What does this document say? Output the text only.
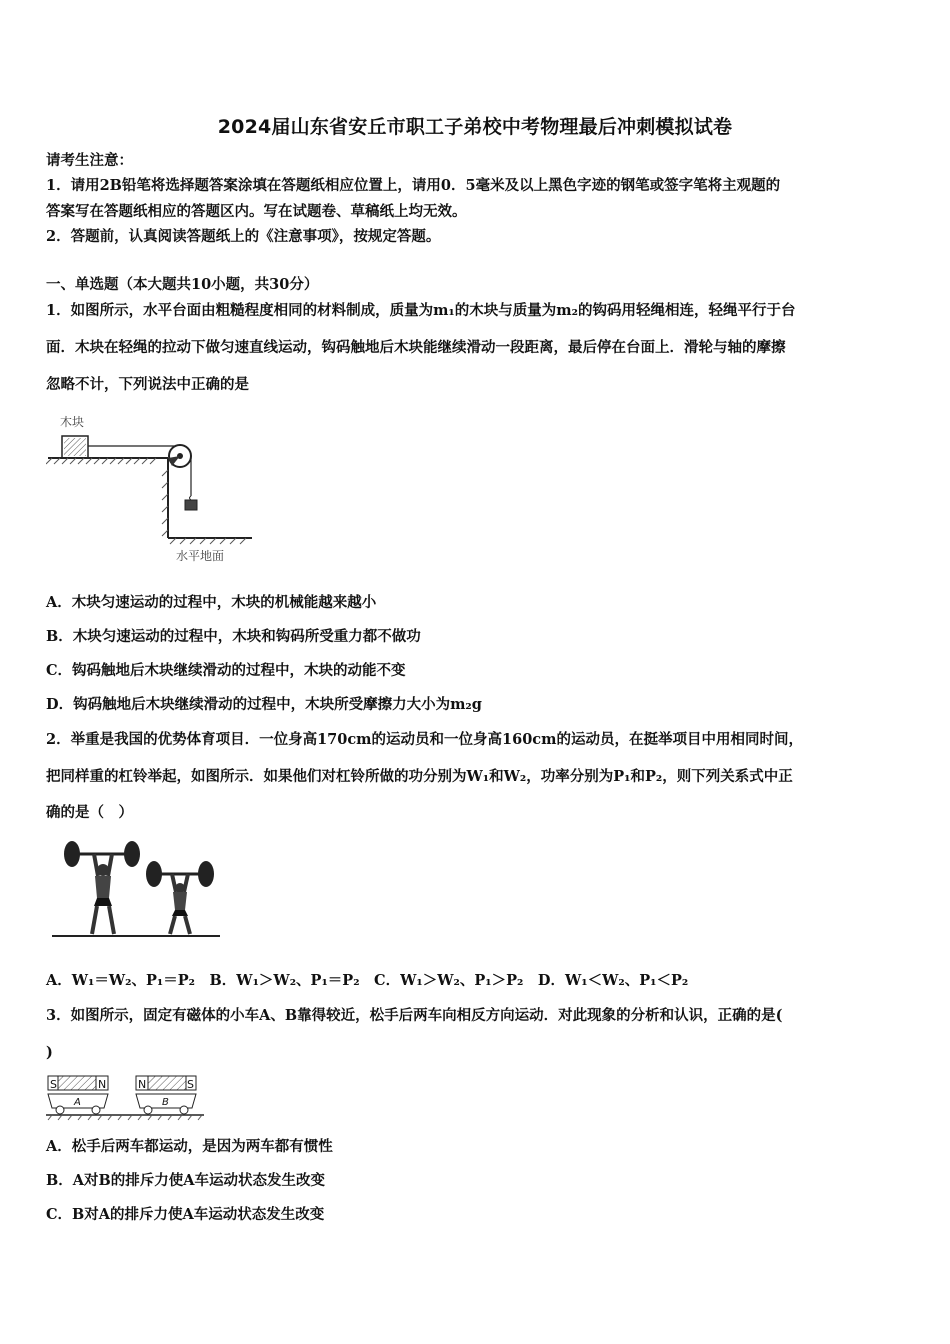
2024届山东省安丘市职工子弟校中考物理最后冲刺模拟试卷
请考生注意：
1．请用2B铅笔将选择题答案涂填在答题纸相应位置上，请用0．5毫米及以上黑色字迹的钢笔或签字笔将主观题的
答案写在答题纸相应的答题区内。写在试题卷、草稿纸上均无效。
2．答题前，认真阅读答题纸上的《注意事项》，按规定答题。
一、单选题（本大题共10小题，共30分）
1．如图所示，水平台面由粗糙程度相同的材料制成，质量为m₁的木块与质量为m₂的钩码用轻绳相连，轻绳平行于台
面．木块在轻绳的拉动下做匀速直线运动，钩码触地后木块能继续滑动一段距离，最后停在台面上．滑轮与轴的摩擦
忽略不计，下列说法中正确的是
木块
水平地面
A．木块匀速运动的过程中，木块的机械能越来越小
B．木块匀速运动的过程中，木块和钩码所受重力都不做功
C．钩码触地后木块继续滑动的过程中，木块的动能不变
D．钩码触地后木块继续滑动的过程中，木块所受摩擦力大小为m₂g
2．举重是我国的优势体育项目．一位身高170cm的运动员和一位身高160cm的运动员，在挺举项目中用相同时间，
把同样重的杠铃举起，如图所示．如果他们对杠铃所做的功分别为W₁和W₂，功率分别为P₁和P₂，则下列关系式中正
确的是（　）
A．W₁＝W₂、P₁＝P₂　B．W₁＞W₂、P₁＝P₂　C．W₁＞W₂、P₁＞P₂　D．W₁＜W₂、P₁＜P₂
3．如图所示，固定有磁体的小车A、B靠得较近，松手后两车向相反方向运动．对此现象的分析和认识，正确的是(
)
S	N
A
N	S
B
A．松手后两车都运动，是因为两车都有惯性
B．A对B的排斥力使A车运动状态发生改变
C．B对A的排斥力使A车运动状态发生改变
